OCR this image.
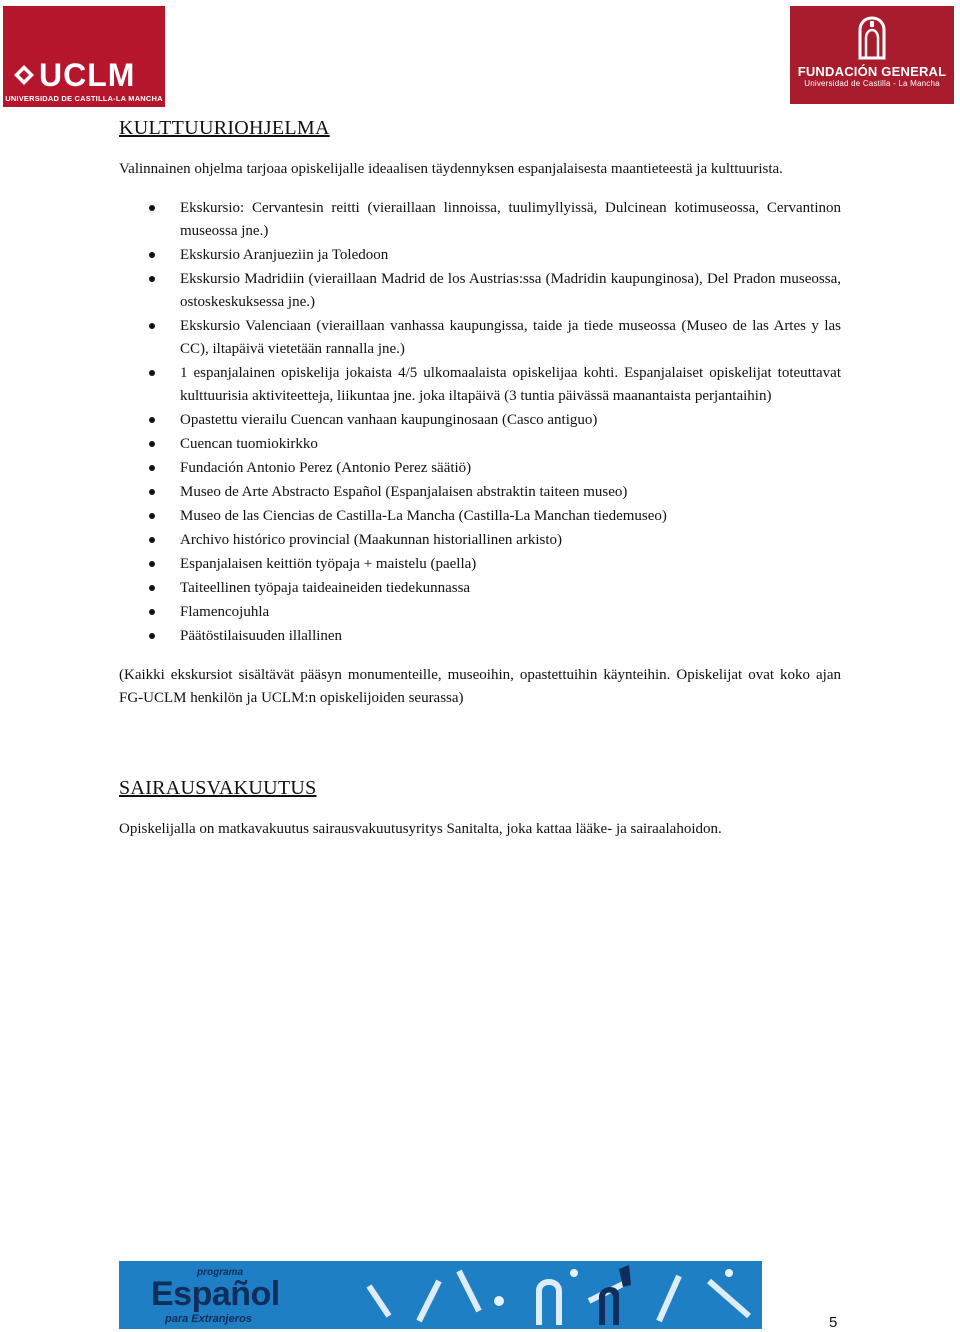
UCLM
UNIVERSIDAD DE CASTILLA-LA MANCHA
FUNDACIÓN GENERAL
Universidad de Castilla - La Mancha
KULTTUURIOHJELMA

Valinnainen ohjelma tarjoaa opiskelijalle ideaalisen täydennyksen espanjalaisesta maantieteestä ja kulttuurista.

Ekskursio: Cervantesin reitti (vieraillaan linnoissa, tuulimyllyissä, Dulcinean kotimuseossa, Cervantinon museossa jne.)
Ekskursio Aranjueziin ja Toledoon
Ekskursio Madridiin (vieraillaan Madrid de los Austrias:ssa (Madridin kaupunginosa), Del Pradon museossa, ostoskeskuksessa jne.)
Ekskursio Valenciaan (vieraillaan vanhassa kaupungissa, taide ja tiede museossa (Museo de las Artes y las CC), iltapäivä vietetään rannalla jne.)
1 espanjalainen opiskelija jokaista 4/5 ulkomaalaista opiskelijaa kohti. Espanjalaiset opiskelijat toteuttavat kulttuurisia aktiviteetteja, liikuntaa jne. joka iltapäivä (3 tuntia päivässä maanantaista perjantaihin)
Opastettu vierailu Cuencan vanhaan kaupunginosaan (Casco antiguo)
Cuencan tuomiokirkko
Fundación Antonio Perez (Antonio Perez säätiö)
Museo de Arte Abstracto Español (Espanjalaisen abstraktin taiteen museo)
Museo de las Ciencias de Castilla-La Mancha (Castilla-La Manchan tiedemuseo)
Archivo histórico provincial (Maakunnan historiallinen arkisto)
Espanjalaisen keittiön työpaja + maistelu (paella)
Taiteellinen työpaja taideaineiden tiedekunnassa
Flamencojuhla
Päätöstilaisuuden illallinen

(Kaikki ekskursiot sisältävät pääsyn monumenteille, museoihin, opastettuihin käynteihin. Opiskelijat ovat koko ajan FG-UCLM henkilön ja UCLM:n opiskelijoiden seurassa)

SAIRAUSVAKUUTUS

Opiskelijalla on matkavakuutus sairausvakuutusyritys Sanitalta, joka kattaa lääke- ja sairaalahoidon.

programa
Español
para Extranjeros	5
